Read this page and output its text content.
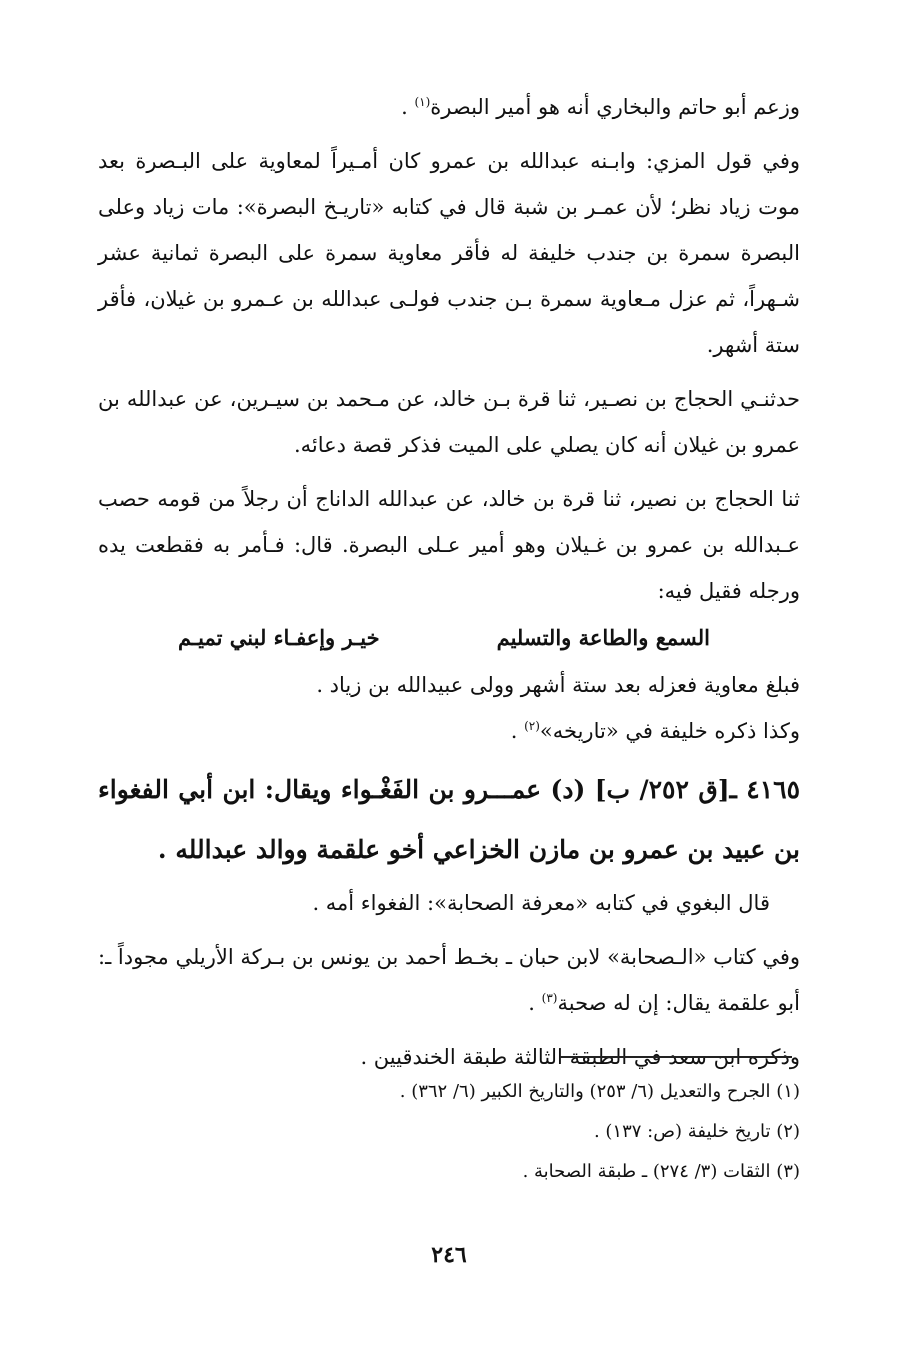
وزعم أبو حاتم والبخاري أنه هو أمير البصرة$^{(١)}$ .

وفي قول المزي: وابـنه عبدالله بن عمرو كان أمـيراً لمعاوية على البـصرة بعد موت زياد نظر؛ لأن عمـر بن شبة قال في كتابه «تاريـخ البصرة»: مات زياد وعلى البصرة سمرة بن جندب خليفة له فأقر معاوية سمرة على البصرة ثمانية عشر شـهراً، ثم عزل مـعاوية سمرة بـن جندب فولـى عبدالله بن عـمرو بن غيلان، فأقر ستة أشهر.

حدثنـي الحجاج بن نصـير، ثنا قرة بـن خالد، عن مـحمد بن سيـرين، عن عبدالله بن عمرو بن غيلان أنه كان يصلي على الميت فذكر قصة دعائه.

ثنا الحجاج بن نصير، ثنا قرة بن خالد، عن عبدالله الداناج أن رجلاً من قومه حصب عـبدالله بن عمرو بن غـيلان وهو أمير عـلى البصرة. قال: فـأمر به فقطعت يده ورجله فقيل فيه:

السمع والطاعة والتسليم
خيـر وإعفـاء لبني تميـم

فبلغ معاوية فعزله بعد ستة أشهر وولى عبيدالله بن زياد .

وكذا ذكره خليفة في «تاريخه»$^{(٢)}$ .

٤١٦٥ ـ[ق ٢٥٢/ ب] (د) عمـــرو بن الفَغْـواء ويقال: ابن أبي الفغواء بن عبيد بن عمرو بن مازن الخزاعي أخو علقمة ووالد عبدالله .

قال البغوي في كتابه «معرفة الصحابة»: الفغواء أمه .

وفي كتاب «الـصحابة» لابن حبان ـ بخـط أحمد بن يونس بن بـركة الأريلي مجوداً ـ: أبو علقمة يقال: إن له صحبة$^{(٣)}$ .

وذكره ابن سعد في الطبقة الثالثة طبقة الخندقيين .

(١) الجرح والتعديل (٦/ ٢٥٣) والتاريخ الكبير (٦/ ٣٦٢) .

(٢) تاريخ خليفة (ص: ١٣٧) .

(٣) الثقات (٣/ ٢٧٤) ـ طبقة الصحابة .

٢٤٦
